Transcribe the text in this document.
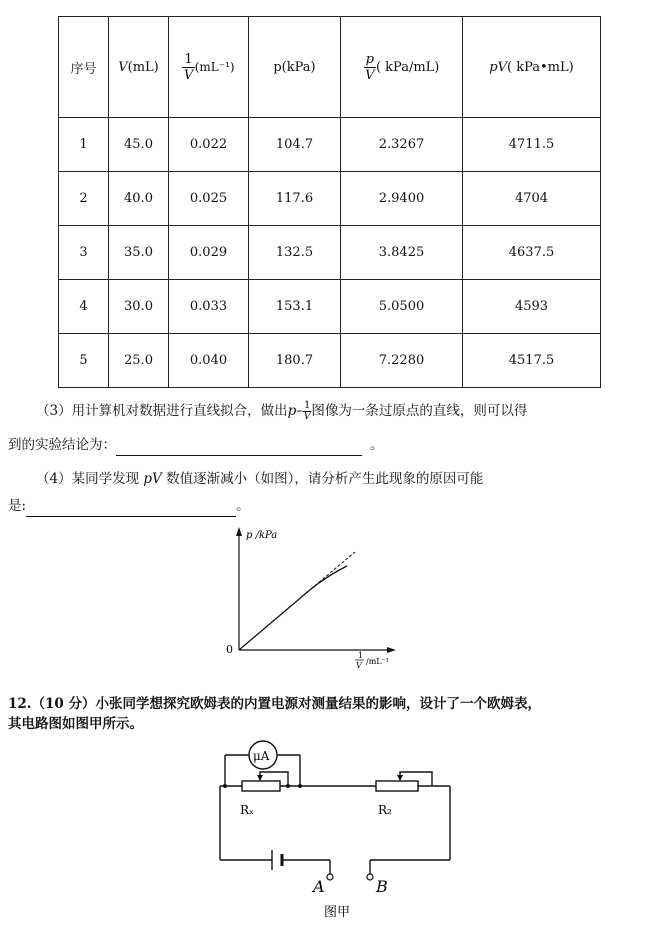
序号	V(mL)	$\frac{1}{V} (mL^{-1})$	p(kPa)	$\frac{p}{V}$ ( kPa/mL)	pV( kPa•mL)
1	45.0	0.022	104.7	2.3267	4711.5
2	40.0	0.025	117.6	2.9400	4704
3	35.0	0.029	132.5	3.8425	4637.5
4	30.0	0.033	153.1	5.0500	4593
5	25.0	0.040	180.7	7.2280	4517.5
（3）用计算机对数据进行直线拟合，做出$p- \frac{1}{V}$ 图像为一条过原点的直线，则可以得
到的实验结论为：	。
（4）某同学发现 pV 数值逐渐减小（如图），请分析产生此现象的原因可能
是:	。
p /kPa
0	1
V /mL⁻¹
12.（10 分）小张同学想探究欧姆表的内置电源对测量结果的影响，设计了一个欧姆表，
其电路图如图甲所示。
μA
Rₓ	R₂
A	B
图甲
